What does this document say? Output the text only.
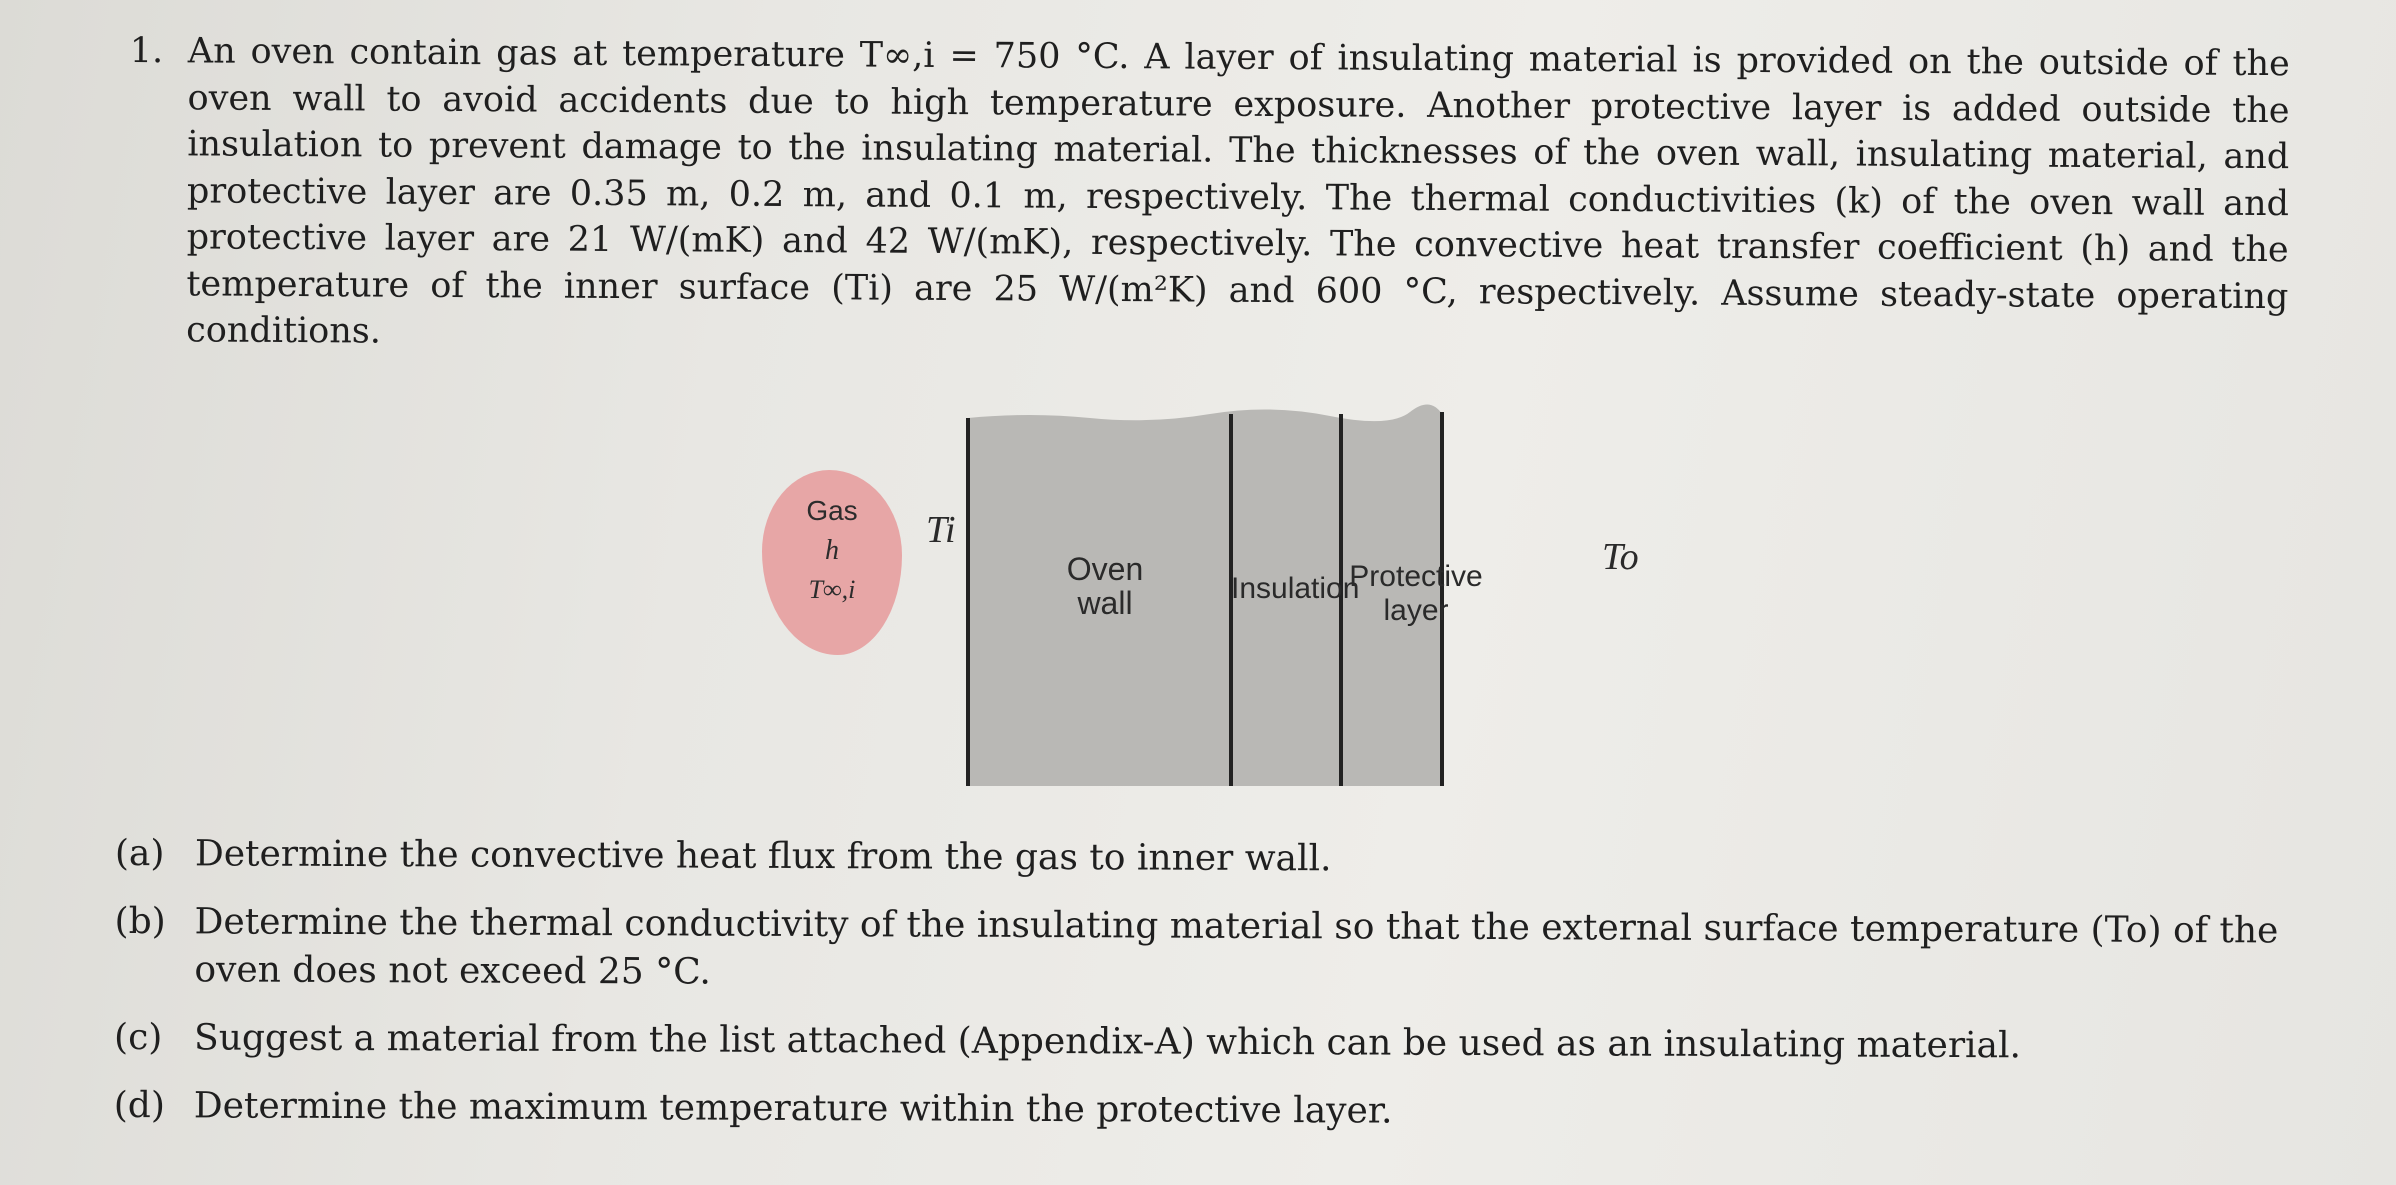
1. An oven contain gas at temperature T∞,i = 750 °C. A layer of insulating material is provided on the outside of the oven wall to avoid accidents due to high temperature exposure. Another protective layer is added outside the insulation to prevent damage to the insulating material. The thicknesses of the oven wall, insulating material, and protective layer are 0.35 m, 0.2 m, and 0.1 m, respectively. The thermal conductivities (k) of the oven wall and protective layer are 21 W/(mK) and 42 W/(mK), respectively. The convective heat transfer coefficient (h) and the temperature of the inner surface (Ti) are 25 W/(m²K) and 600 °C, respectively. Assume steady-state operating conditions.
Gas
h
T∞,i
Ti
To
Oven
wall	Insulation
Protective
layer
(a) Determine the convective heat flux from the gas to inner wall.
(b) Determine the thermal conductivity of the insulating material so that the external surface temperature (To) of the oven does not exceed 25 °C.
(c) Suggest a material from the list attached (Appendix-A) which can be used as an insulating material.
(d) Determine the maximum temperature within the protective layer.
